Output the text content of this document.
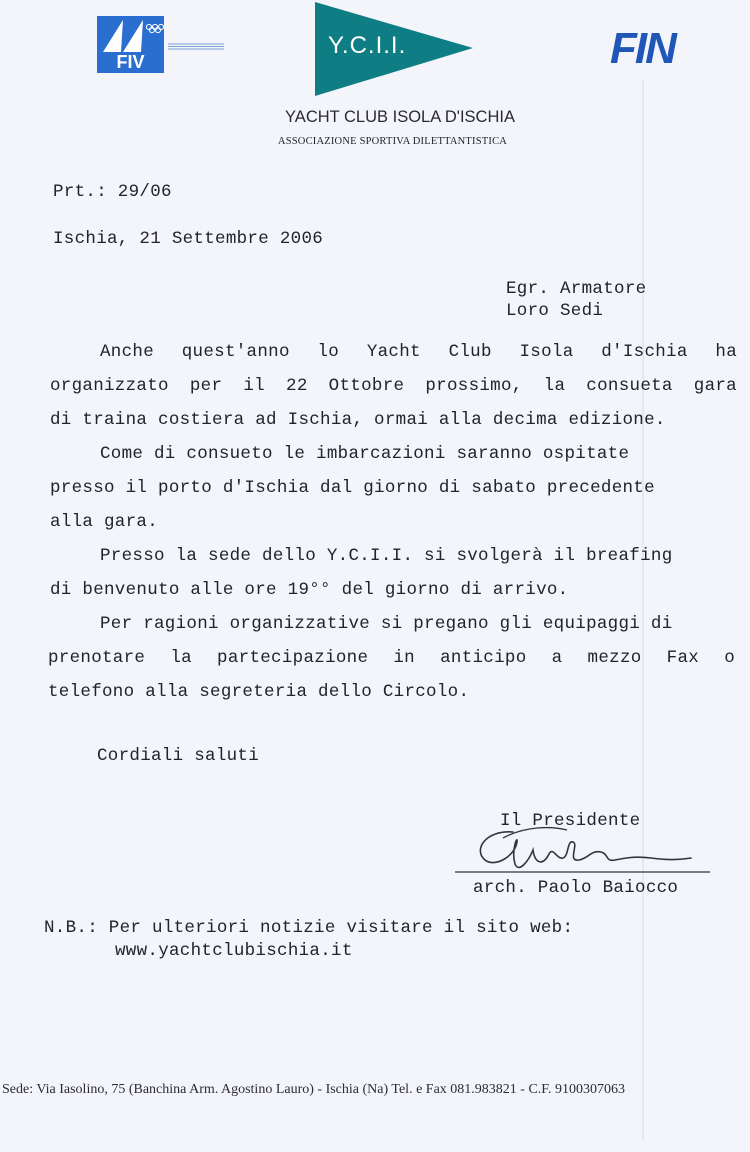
FIV
Y.C.I.I.	FIN
YACHT CLUB ISOLA D'ISCHIA
ASSOCIAZIONE SPORTIVA DILETTANTISTICA
Prt.: 29/06
Ischia, 21 Settembre 2006
Egr. Armatore
Loro Sedi
Anche quest'anno lo Yacht Club Isola d'Ischia ha
organizzato per il 22 Ottobre prossimo, la consueta gara
di traina costiera ad Ischia, ormai alla decima edizione.
Come di consueto le imbarcazioni saranno ospitate
presso il porto d'Ischia dal giorno di sabato precedente
alla gara.
Presso la sede dello Y.C.I.I. si svolgerà il breafing
di benvenuto alle ore 19°° del giorno di arrivo.
Per ragioni organizzative si pregano gli equipaggi di
prenotare la partecipazione in anticipo a mezzo Fax o
telefono alla segreteria dello Circolo.
Cordiali saluti
Il Presidente
arch. Paolo Baiocco
N.B.: Per ulteriori notizie visitare il sito web:
www.yachtclubischia.it
Sede: Via Iasolino, 75 (Banchina Arm. Agostino Lauro) - Ischia (Na) Tel. e Fax 081.983821 - C.F. 9100307063
